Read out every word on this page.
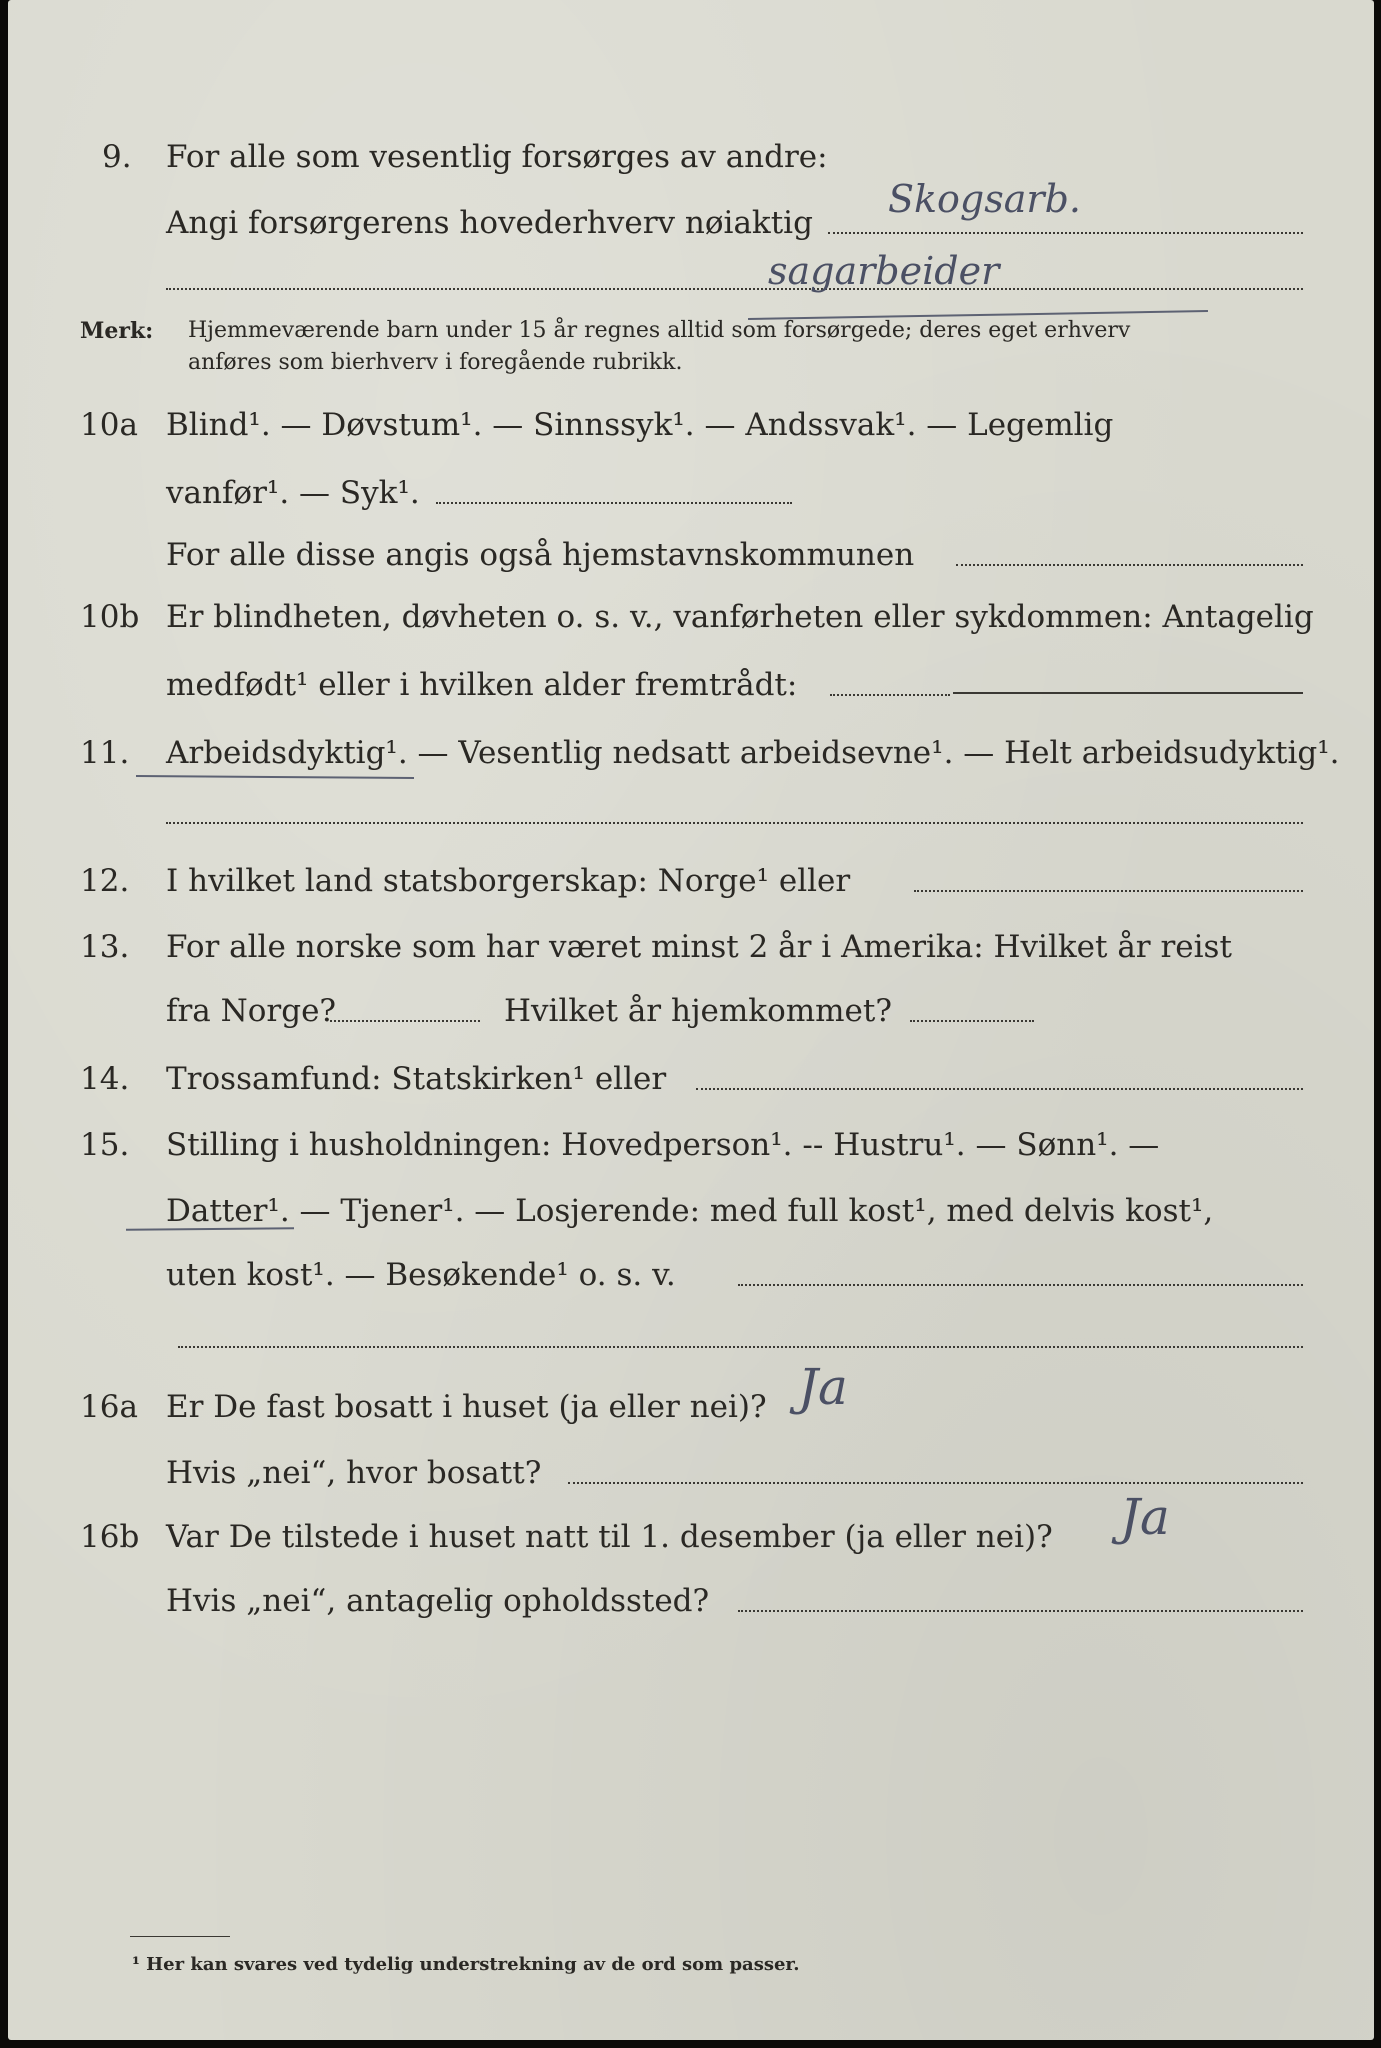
9. For alle som vesentlig forsørges av andre:
Angi forsørgerens hovederhverv nøiaktig
Skogsarb.
sagarbeider
Merk: Hjemmeværende barn under 15 år regnes alltid som forsørgede; deres eget erhverv
anføres som bierhverv i foregående rubrikk.
10a Blind¹. — Døvstum¹. — Sinnssyk¹. — Andssvak¹. — Legemlig
vanfør¹. — Syk¹.
For alle disse angis også hjemstavnskommunen
10b Er blindheten, døvheten o. s. v., vanførheten eller sykdommen: Antagelig
medfødt¹ eller i hvilken alder fremtrådt:
11. Arbeidsdyktig¹. — Vesentlig nedsatt arbeidsevne¹. — Helt arbeidsudyktig¹.
12. I hvilket land statsborgerskap: Norge¹ eller
13. For alle norske som har været minst 2 år i Amerika: Hvilket år reist
fra Norge?	Hvilket år hjemkommet?
14. Trossamfund: Statskirken¹ eller
15. Stilling i husholdningen: Hovedperson¹. -- Hustru¹. — Sønn¹. —
Datter¹. — Tjener¹. — Losjerende: med full kost¹, med delvis kost¹,
uten kost¹. — Besøkende¹ o. s. v.
16a Er De fast bosatt i huset (ja eller nei)? Ja
Hvis „nei“, hvor bosatt?
16b Var De tilstede i huset natt til 1. desember (ja eller nei)? Ja
Hvis „nei“, antagelig opholdssted?
¹ Her kan svares ved tydelig understrekning av de ord som passer.
